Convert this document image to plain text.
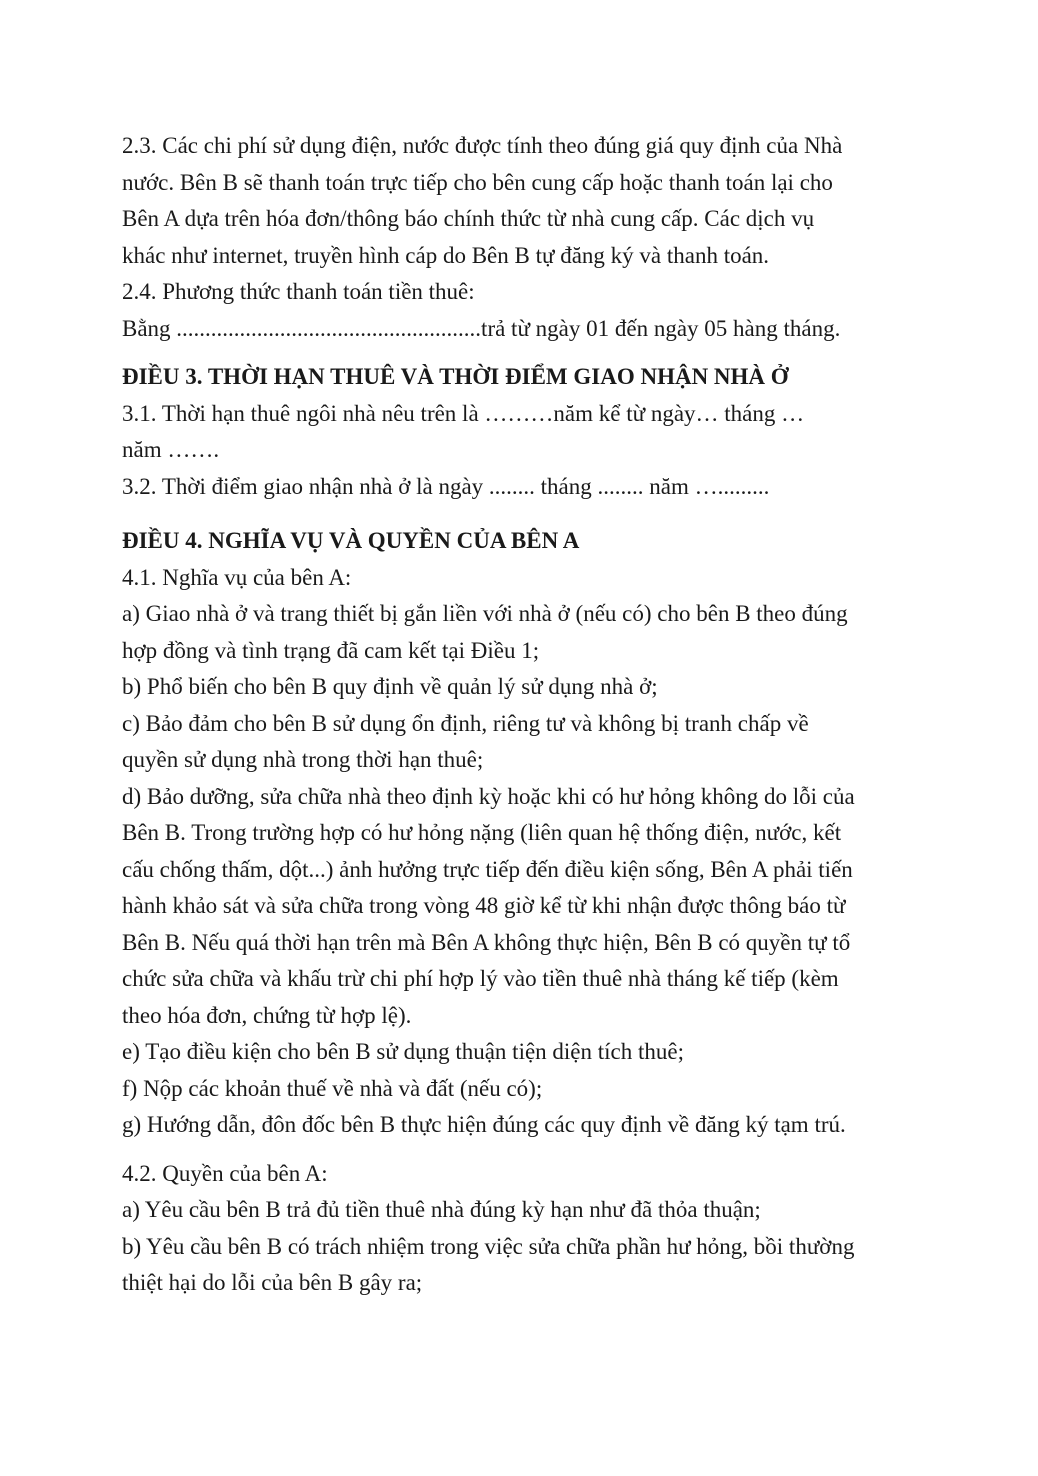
2.3. Các chi phí sử dụng điện, nước được tính theo đúng giá quy định của Nhà
nước. Bên B sẽ thanh toán trực tiếp cho bên cung cấp hoặc thanh toán lại cho
Bên A dựa trên hóa đơn/thông báo chính thức từ nhà cung cấp. Các dịch vụ
khác như internet, truyền hình cáp do Bên B tự đăng ký và thanh toán.
2.4. Phương thức thanh toán tiền thuê:
Bằng .....................................................trả từ ngày 01 đến ngày 05 hàng tháng.
ĐIỀU 3. THỜI HẠN THUÊ VÀ THỜI ĐIỂM GIAO NHẬN NHÀ Ở
3.1. Thời hạn thuê ngôi nhà nêu trên là ………năm kể từ ngày… tháng …
năm …….
3.2. Thời điểm giao nhận nhà ở là ngày ........ tháng ........ năm ….........
ĐIỀU 4. NGHĨA VỤ VÀ QUYỀN CỦA BÊN A
4.1. Nghĩa vụ của bên A:
a) Giao nhà ở và trang thiết bị gắn liền với nhà ở (nếu có) cho bên B theo đúng
hợp đồng và tình trạng đã cam kết tại Điều 1;
b) Phổ biến cho bên B quy định về quản lý sử dụng nhà ở;
c) Bảo đảm cho bên B sử dụng ổn định, riêng tư và không bị tranh chấp về
quyền sử dụng nhà trong thời hạn thuê;
d) Bảo dưỡng, sửa chữa nhà theo định kỳ hoặc khi có hư hỏng không do lỗi của
Bên B. Trong trường hợp có hư hỏng nặng (liên quan hệ thống điện, nước, kết
cấu chống thấm, dột...) ảnh hưởng trực tiếp đến điều kiện sống, Bên A phải tiến
hành khảo sát và sửa chữa trong vòng 48 giờ kể từ khi nhận được thông báo từ
Bên B. Nếu quá thời hạn trên mà Bên A không thực hiện, Bên B có quyền tự tổ
chức sửa chữa và khấu trừ chi phí hợp lý vào tiền thuê nhà tháng kế tiếp (kèm
theo hóa đơn, chứng từ hợp lệ).
e) Tạo điều kiện cho bên B sử dụng thuận tiện diện tích thuê;
f) Nộp các khoản thuế về nhà và đất (nếu có);
g) Hướng dẫn, đôn đốc bên B thực hiện đúng các quy định về đăng ký tạm trú.
4.2. Quyền của bên A:
a) Yêu cầu bên B trả đủ tiền thuê nhà đúng kỳ hạn như đã thỏa thuận;
b) Yêu cầu bên B có trách nhiệm trong việc sửa chữa phần hư hỏng, bồi thường
thiệt hại do lỗi của bên B gây ra;
